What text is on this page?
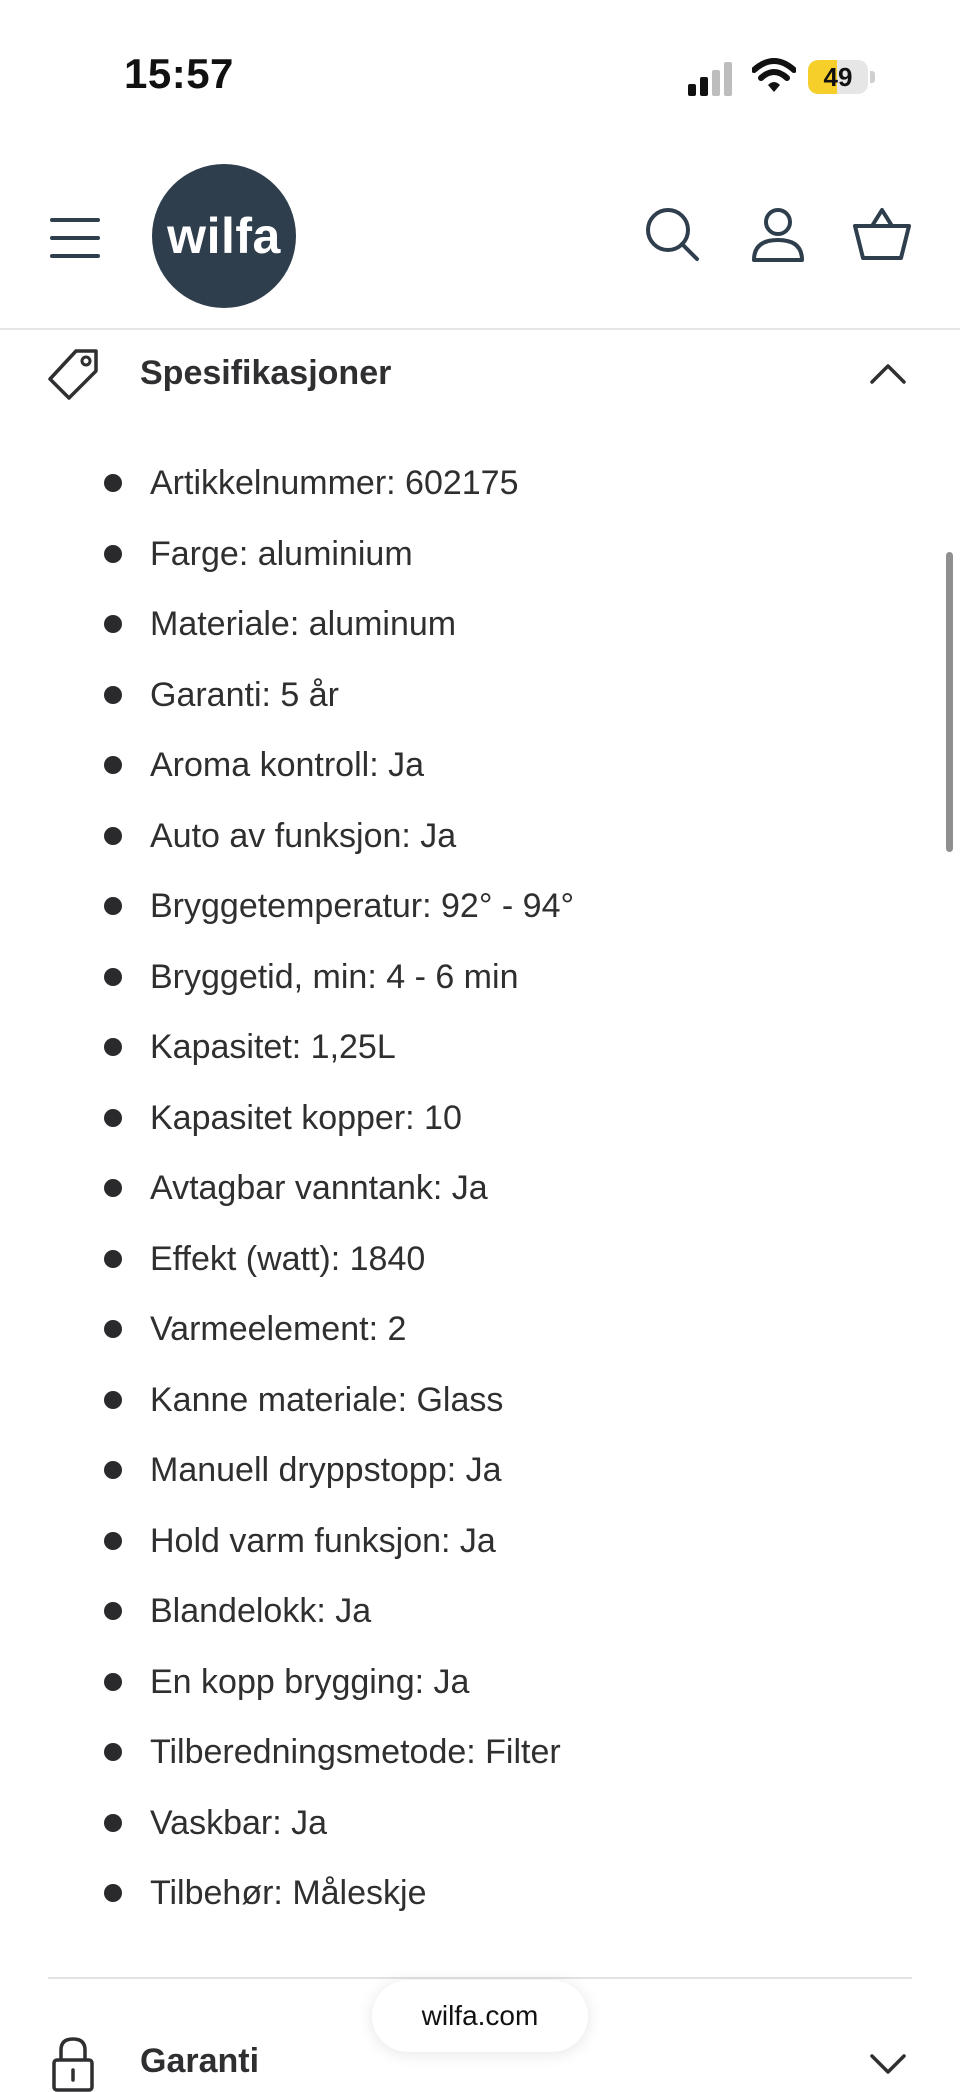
15:57	49
wilfa
Spesifikasjoner
Artikkelnummer: 602175
Farge: aluminium
Materiale: aluminum
Garanti: 5 år
Aroma kontroll: Ja
Auto av funksjon: Ja
Bryggetemperatur: 92° - 94°
Bryggetid, min: 4 - 6 min
Kapasitet: 1,25L
Kapasitet kopper: 10
Avtagbar vanntank: Ja
Effekt (watt): 1840
Varmeelement: 2
Kanne materiale: Glass
Manuell dryppstopp: Ja
Hold varm funksjon: Ja
Blandelokk: Ja
En kopp brygging: Ja
Tilberedningsmetode: Filter
Vaskbar: Ja
Tilbehør: Måleskje
Garanti
wilfa.com
